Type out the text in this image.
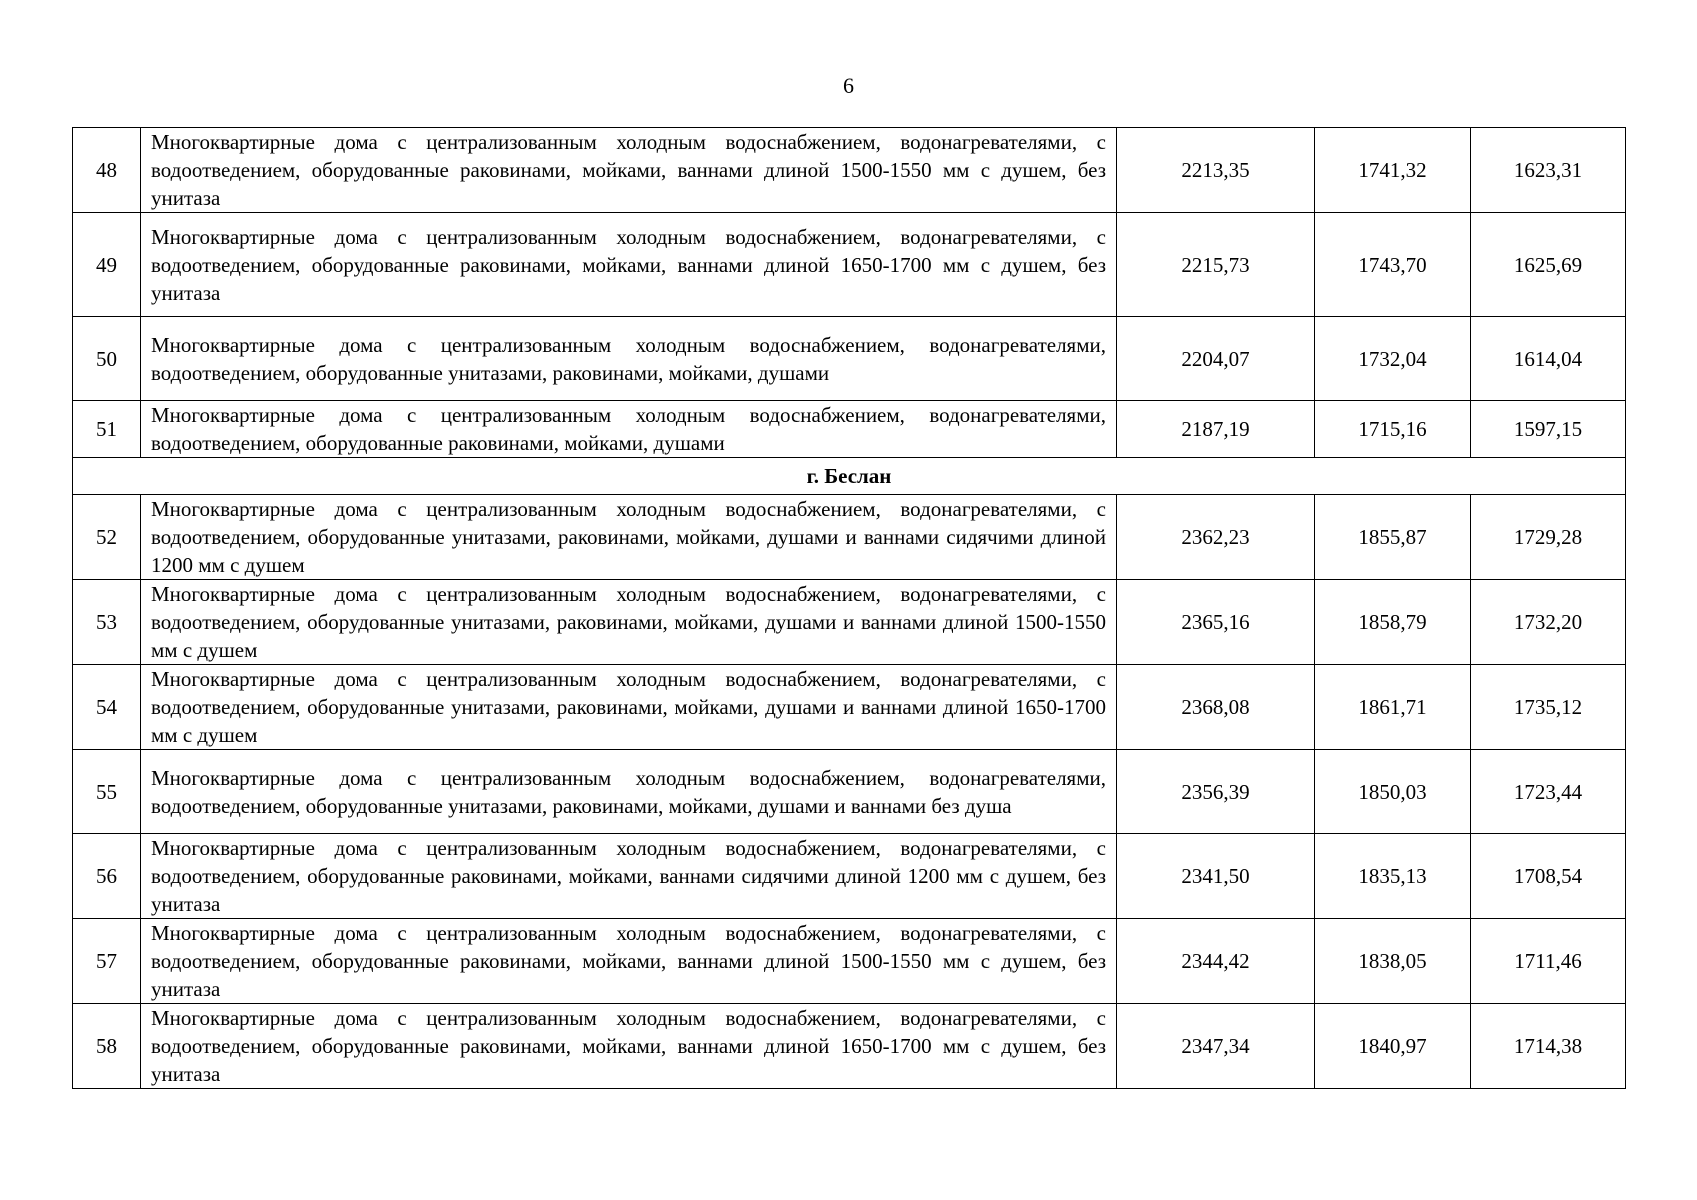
6
48	Многоквартирные дома с централизованным холодным водоснабжением, водонагревателями, с водоотведением, оборудованные раковинами, мойками, ваннами длиной 1500-1550 мм с душем, без унитаза	2213,35	1741,32	1623,31
49	Многоквартирные дома с централизованным холодным водоснабжением, водонагревателями, с водоотведением, оборудованные раковинами, мойками, ваннами длиной 1650-1700 мм с душем, без унитаза	2215,73	1743,70	1625,69
50	Многоквартирные дома с централизованным холодным водоснабжением, водонагревателями, водоотведением, оборудованные унитазами, раковинами, мойками, душами	2204,07	1732,04	1614,04
51	Многоквартирные дома с централизованным холодным водоснабжением, водонагревателями, водоотведением, оборудованные раковинами, мойками, душами	2187,19	1715,16	1597,15
г. Беслан				
52	Многоквартирные дома с централизованным холодным водоснабжением, водонагревателями, с водоотведением, оборудованные унитазами, раковинами, мойками, душами и ваннами сидячими длиной 1200 мм с душем	2362,23	1855,87	1729,28
53	Многоквартирные дома с централизованным холодным водоснабжением, водонагревателями, с водоотведением, оборудованные унитазами, раковинами, мойками, душами и ваннами длиной 1500-1550 мм с душем	2365,16	1858,79	1732,20
54	Многоквартирные дома с централизованным холодным водоснабжением, водонагревателями, с водоотведением, оборудованные унитазами, раковинами, мойками, душами и ваннами длиной 1650-1700 мм с душем	2368,08	1861,71	1735,12
55	Многоквартирные дома с централизованным холодным водоснабжением, водонагревателями, водоотведением, оборудованные унитазами, раковинами, мойками, душами и ваннами без душа	2356,39	1850,03	1723,44
56	Многоквартирные дома с централизованным холодным водоснабжением, водонагревателями, с водоотведением, оборудованные раковинами, мойками, ваннами сидячими длиной 1200 мм с душем, без унитаза	2341,50	1835,13	1708,54
57	Многоквартирные дома с централизованным холодным водоснабжением, водонагревателями, с водоотведением, оборудованные раковинами, мойками, ваннами длиной 1500-1550 мм с душем, без унитаза	2344,42	1838,05	1711,46
58	Многоквартирные дома с централизованным холодным водоснабжением, водонагревателями, с водоотведением, оборудованные раковинами, мойками, ваннами длиной 1650-1700 мм с душем, без унитаза	2347,34	1840,97	1714,38
